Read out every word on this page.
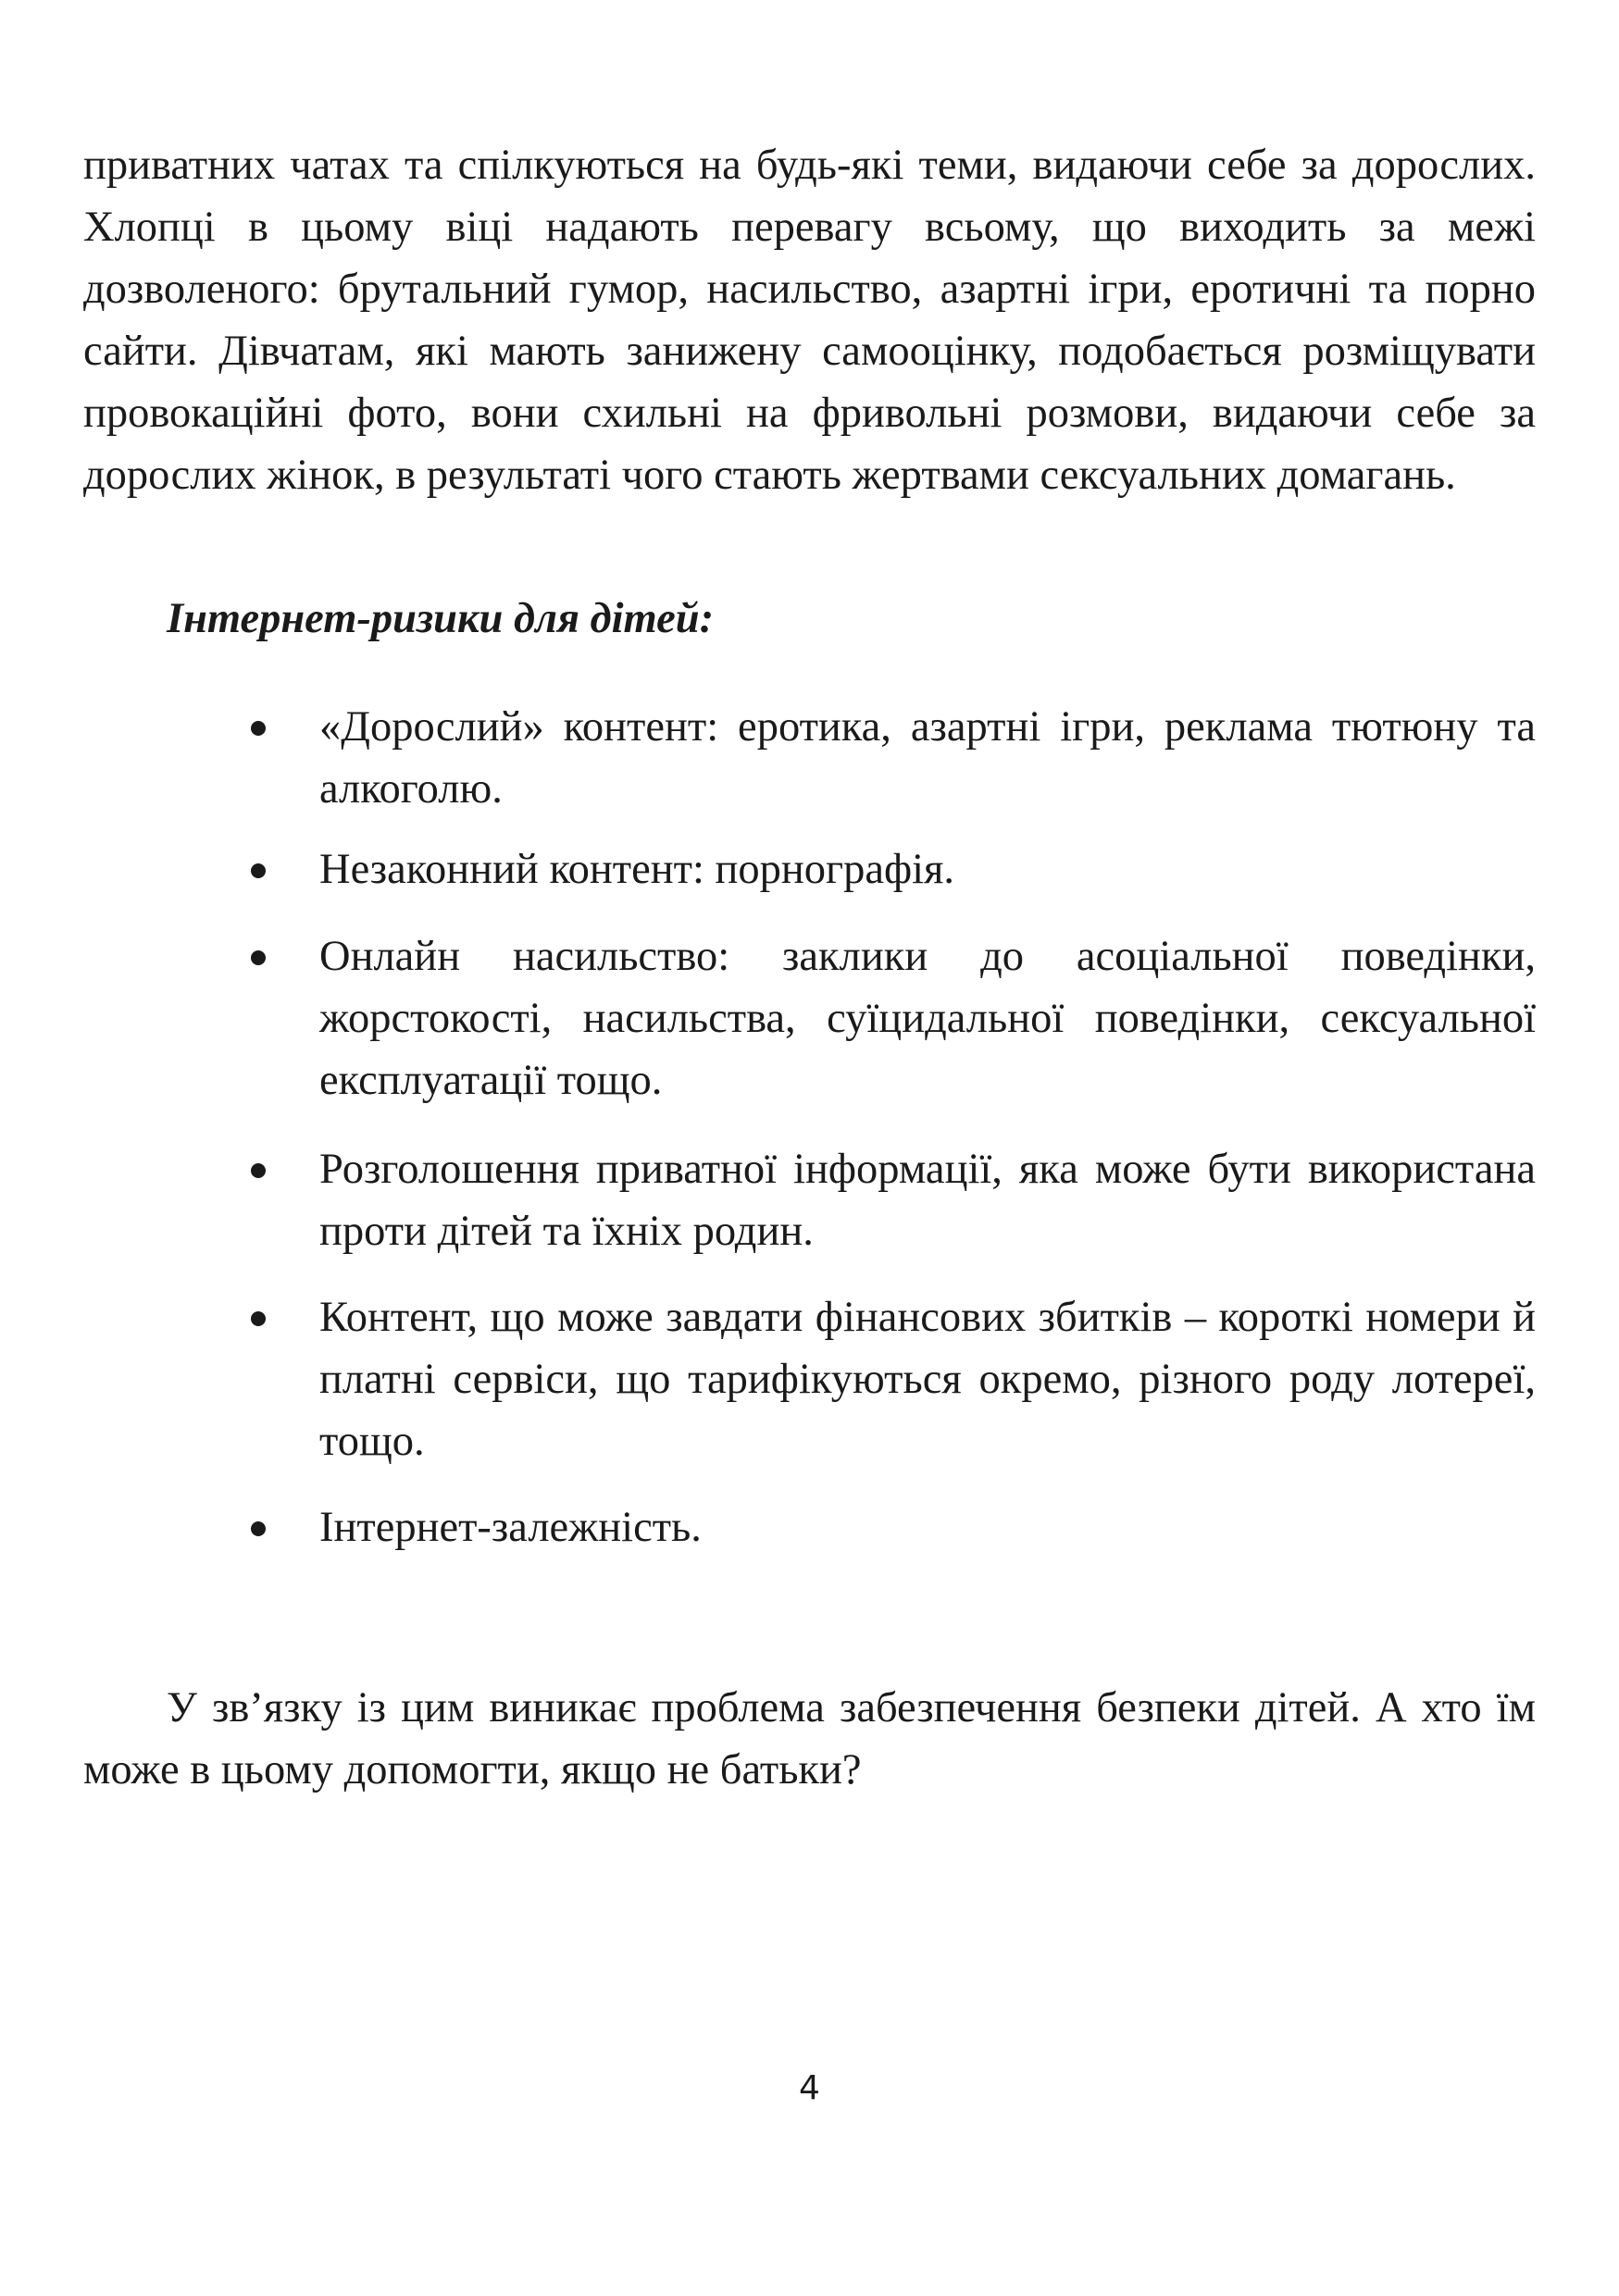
приватних чатах та спілкуються на будь-які теми, видаючи себе за дорослих. Хлопці в цьому віці надають перевагу всьому, що виходить за межі дозволеного: брутальний гумор, насильство, азартні ігри, еротичні та порно сайти. Дівчатам, які мають занижену самооцінку, подобається розміщувати провокаційні фото, вони схильні на фривольні розмови, видаючи себе за дорослих жінок, в результаті чого стають жертвами сексуальних домагань.

Інтернет-ризики для дітей:

«Дорослий» контент: еротика, азартні ігри, реклама тютюну та алкоголю.

Незаконний контент: порнографія.

Онлайн насильство: заклики до асоціальної поведінки, жорстокості, насильства, суїцидальної поведінки, сексуальної експлуатації тощо.

Розголошення приватної інформації, яка може бути використана проти дітей та їхніх родин.

Контент, що може завдати фінансових збитків – короткі номери й платні сервіси, що тарифікуються окремо, різного роду лотереї, тощо.

Інтернет-залежність.

У зв’язку із цим виникає проблема забезпечення безпеки дітей. А хто їм може в цьому допомогти, якщо не батьки?

4
